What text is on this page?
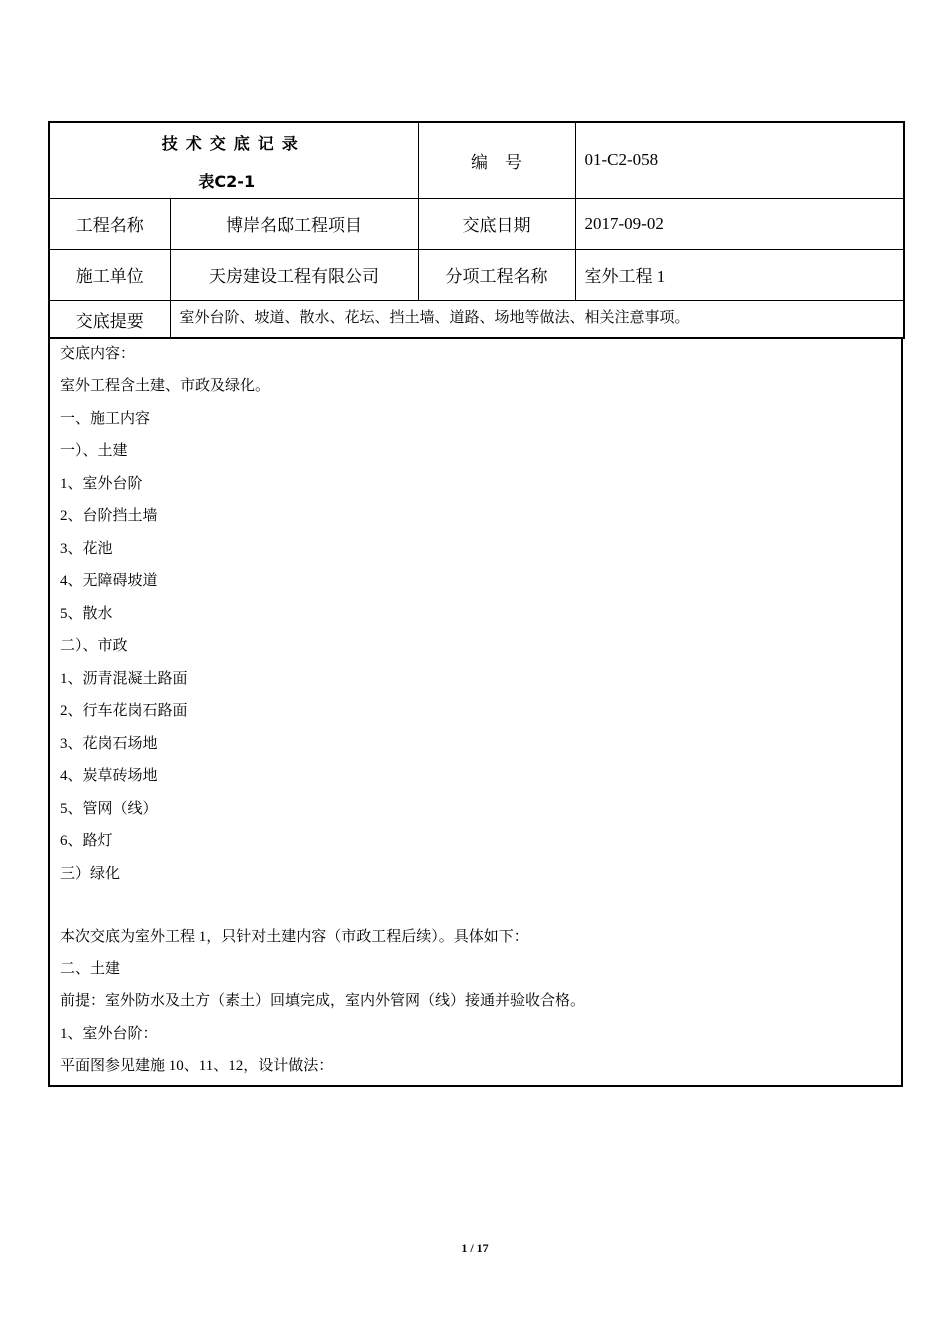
技术交底记录
表C2-1		编　号	01-C2-058
工程名称	博岸名邸工程项目	交底日期	2017-09-02
施工单位	天房建设工程有限公司	分项工程名称	室外工程 1
交底提要	室外台阶、坡道、散水、花坛、挡土墙、道路、场地等做法、相关注意事项。		
交底内容：
室外工程含土建、市政及绿化。
一、施工内容
一）、土建
1、室外台阶
2、台阶挡土墙
3、花池
4、无障碍坡道
5、散水
二）、市政
1、沥青混凝土路面
2、行车花岗石路面
3、花岗石场地
4、炭草砖场地
5、管网（线）
6、路灯
三）绿化
本次交底为室外工程 1，只针对土建内容（市政工程后续）。具体如下：
二、土建
前提：室外防水及土方（素土）回填完成，室内外管网（线）接通并验收合格。
1、室外台阶：
平面图参见建施 10、11、12，设计做法：
1 / 17
